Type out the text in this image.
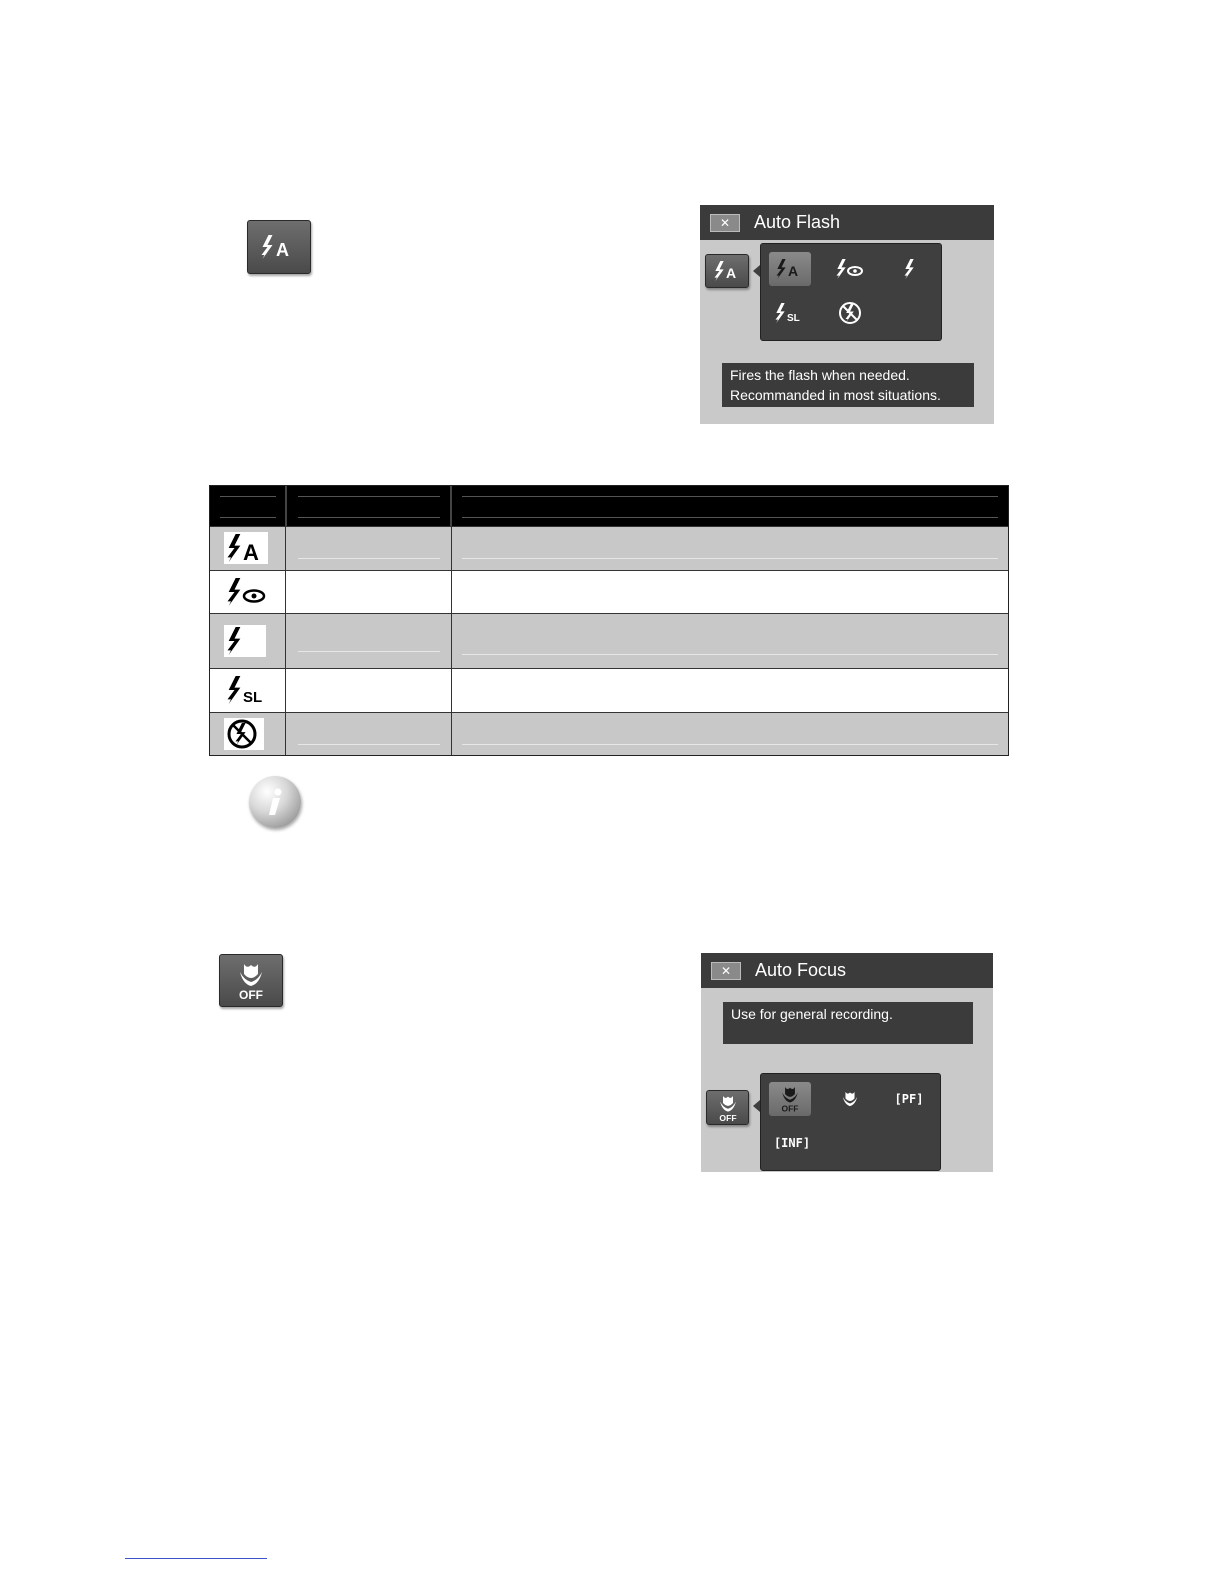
A
✕	Auto Flash
A	A
SL
Fires the flash when needed.
Recommanded in most situations.
A
SL
OFF
✕	Auto Focus
Use for general recording.
OFF
OFF
[PF]
[INF]
